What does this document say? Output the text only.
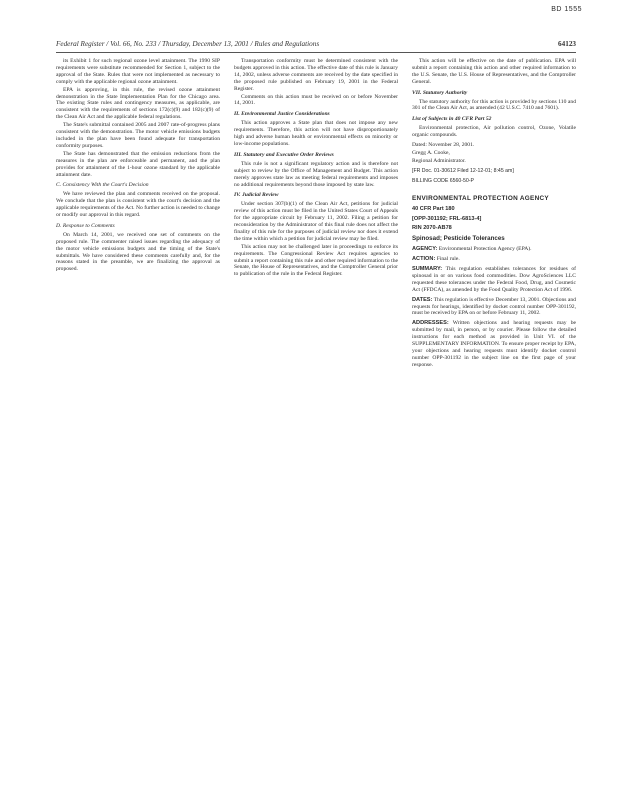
BD 1555
Federal Register / Vol. 66, No. 233 / Thursday, December 13, 2001 / Rules and Regulations	64123

its Exhibit 1 for such regional ozone level attainment. The 1990 SIP requirements were substitute recommended for Section 1, subject to the approval of the State. Rules that were not implemented as necessary to comply with the applicable regional ozone attainment.

EPA is approving, in this rule, the revised ozone attainment demonstration in the State Implementation Plan for the Chicago area. The existing State rules and contingency measures, as applicable, are consistent with the requirements of sections 172(c)(9) and 182(c)(9) of the Clean Air Act and the applicable federal regulations.

The State's submittal contained 2005 and 2007 rate-of-progress plans consistent with the demonstration. The motor vehicle emissions budgets included in the plan have been found adequate for transportation conformity purposes.

The State has demonstrated that the emission reductions from the measures in the plan are enforceable and permanent, and the plan provides for attainment of the 1-hour ozone standard by the applicable attainment date.

C. Consistency With the Court's Decision

We have reviewed the plan and comments received on the proposal. We conclude that the plan is consistent with the court's decision and the applicable requirements of the Act. No further action is needed to change or modify our approval in this regard.

D. Response to Comments

On March 14, 2001, we received one set of comments on the proposed rule. The commenter raised issues regarding the adequacy of the motor vehicle emissions budgets and the timing of the State's submittals. We have considered these comments carefully and, for the reasons stated in the preamble, we are finalizing the approval as proposed.

Transportation conformity must be determined consistent with the budgets approved in this action. The effective date of this rule is January 14, 2002, unless adverse comments are received by the date specified in the proposed rule published on February 19, 2001 in the Federal Register.

Comments on this action must be received on or before November 14, 2001.

II. Environmental Justice Considerations

This action approves a State plan that does not impose any new requirements. Therefore, this action will not have disproportionately high and adverse human health or environmental effects on minority or low-income populations.

III. Statutory and Executive Order Reviews

This rule is not a significant regulatory action and is therefore not subject to review by the Office of Management and Budget. This action merely approves state law as meeting federal requirements and imposes no additional requirements beyond those imposed by state law.

IV. Judicial Review

Under section 307(b)(1) of the Clean Air Act, petitions for judicial review of this action must be filed in the United States Court of Appeals for the appropriate circuit by February 11, 2002. Filing a petition for reconsideration by the Administrator of this final rule does not affect the finality of this rule for the purposes of judicial review nor does it extend the time within which a petition for judicial review may be filed.

This action may not be challenged later in proceedings to enforce its requirements. The Congressional Review Act requires agencies to submit a report containing this rule and other required information to the Senate, the House of Representatives, and the Comptroller General prior to publication of the rule in the Federal Register.

This action will be effective on the date of publication. EPA will submit a report containing this action and other required information to the U.S. Senate, the U.S. House of Representatives, and the Comptroller General.

VII. Statutory Authority

The statutory authority for this action is provided by sections 110 and 301 of the Clean Air Act, as amended (42 U.S.C. 7410 and 7601).

List of Subjects in 40 CFR Part 52

Environmental protection, Air pollution control, Ozone, Volatile organic compounds.

Dated: November 28, 2001.

Gregg A. Cooke,

Regional Administrator.

[FR Doc. 01-30612 Filed 12-12-01; 8:45 am]
BILLING CODE 6560-50-P
ENVIRONMENTAL PROTECTION AGENCY
40 CFR Part 180
[OPP-301192; FRL-6813-4]
RIN 2070-AB78
Spinosad; Pesticide Tolerances
AGENCY: Environmental Protection Agency (EPA).
ACTION: Final rule.
SUMMARY: This regulation establishes tolerances for residues of spinosad in or on various food commodities. Dow AgroSciences LLC requested these tolerances under the Federal Food, Drug, and Cosmetic Act (FFDCA), as amended by the Food Quality Protection Act of 1996.
DATES: This regulation is effective December 13, 2001. Objections and requests for hearings, identified by docket control number OPP-301192, must be received by EPA on or before February 11, 2002.
ADDRESSES: Written objections and hearing requests may be submitted by mail, in person, or by courier. Please follow the detailed instructions for each method as provided in Unit VI. of the SUPPLEMENTARY INFORMATION. To ensure proper receipt by EPA, your objections and hearing requests must identify docket control number OPP-301192 in the subject line on the first page of your response.
